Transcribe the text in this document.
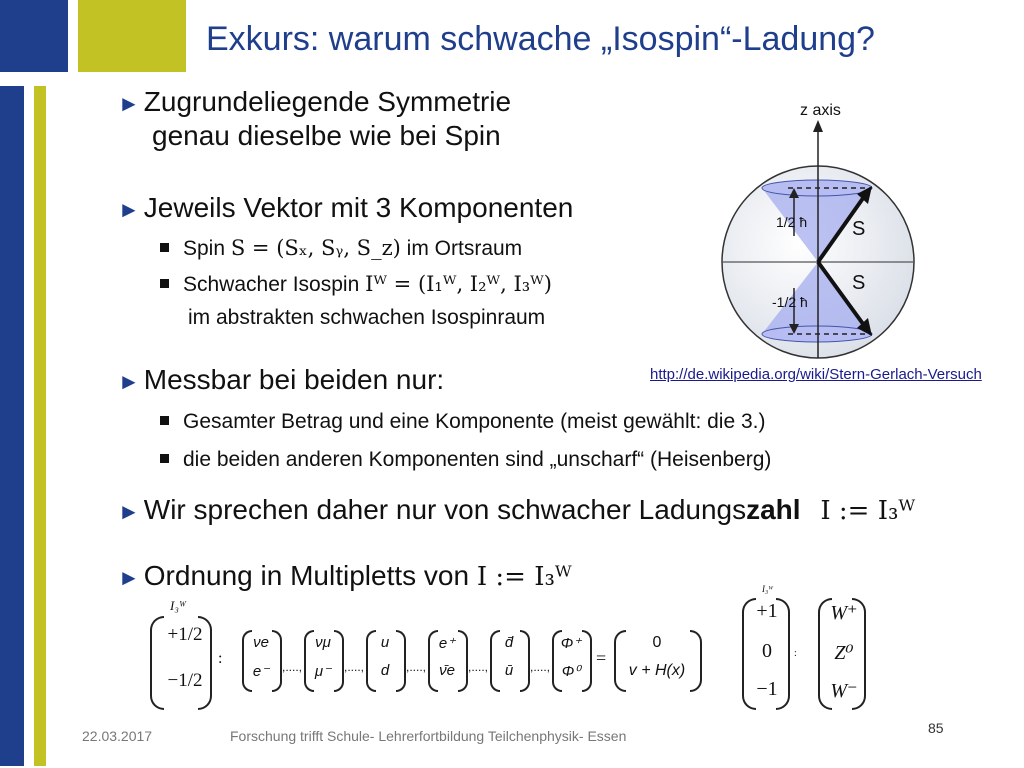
Exkurs: warum schwache „Isospin“-Ladung?
► Zugrundeliegende Symmetrie
genau dieselbe wie bei Spin
► Jeweils Vektor mit 3 Komponenten
Spin S = (Sₓ, Sᵧ, S_z) im Ortsraum
Schwacher Isospin Iᵂ = (I₁ᵂ, I₂ᵂ, I₃ᵂ)
im abstrakten schwachen Isospinraum
► Messbar bei beiden nur:
Gesamter Betrag und eine Komponente (meist gewählt: die 3.)
die beiden anderen Komponenten sind „unscharf“ (Heisenberg)
► Wir sprechen daher nur von schwacher Ladungszahl I := I₃ᵂ
► Ordnung in Multipletts von I := I₃ᵂ
z axis
S
S
1/2 ħ
-1/2 ħ
http://de.wikipedia.org/wiki/Stern-Gerlach-Versuch
I₃ᵂ
+1/2
−1/2
:
νe
e⁻
νμ
μ⁻
,....,
u
d
,....,
e⁺
ν̄e
,....,
d̄
ū
,....,
Φ⁺
Φ⁰
,....,	=
0
v + H(x)
I₃ᵂ
+1
0
−1
:
W⁺
Z⁰
W⁻
22.03.2017	Forschung trifft Schule- Lehrerfortbildung Teilchenphysik- Essen	85
